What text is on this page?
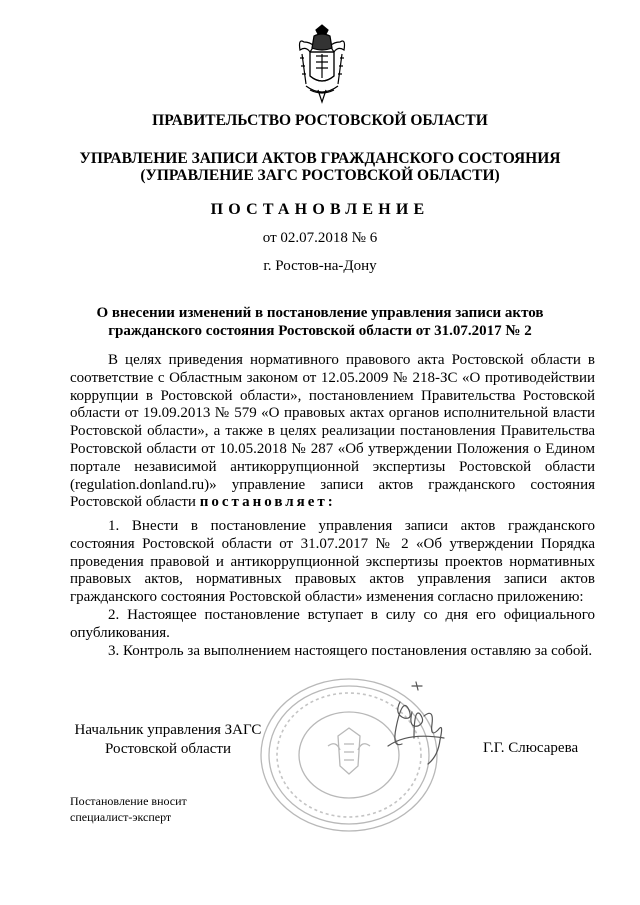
ПРАВИТЕЛЬСТВО РОСТОВСКОЙ ОБЛАСТИ
УПРАВЛЕНИЕ ЗАПИСИ АКТОВ ГРАЖДАНСКОГО СОСТОЯНИЯ
(УПРАВЛЕНИЕ ЗАГС РОСТОВСКОЙ ОБЛАСТИ)
ПОСТАНОВЛЕНИЕ
от 02.07.2018 № 6
г. Ростов-на-Дону
О внесении изменений в постановление управления записи актов
гражданского состояния Ростовской области от 31.07.2017 № 2

В целях приведения нормативного правового акта Ростовской области в соответствие с Областным законом от 12.05.2009 № 218-ЗС «О противодействии коррупции в Ростовской области», постановлением Правительства Ростовской области от 19.09.2013 № 579 «О правовых актах органов исполнительной власти Ростовской области», а также в целях реализации постановления Правительства Ростовской области от 10.05.2018 № 287 «Об утверждении Положения о Едином портале независимой антикоррупционной экспертизы Ростовской области (regulation.donland.ru)» управление записи актов гражданского состояния Ростовской области постановляет:

1. Внести в постановление управления записи актов гражданского состояния Ростовской области от 31.07.2017 № 2 «Об утверждении Порядка проведения правовой и антикоррупционной экспертизы проектов нормативных правовых актов, нормативных правовых актов управления записи актов гражданского состояния Ростовской области» изменения согласно приложению:

2. Настоящее постановление вступает в силу со дня его официального опубликования.

3. Контроль за выполнением настоящего постановления оставляю за собой.

Начальник управления ЗАГС
Ростовской области	Г.Г. Слюсарева
Постановление вносит
специалист-эксперт
